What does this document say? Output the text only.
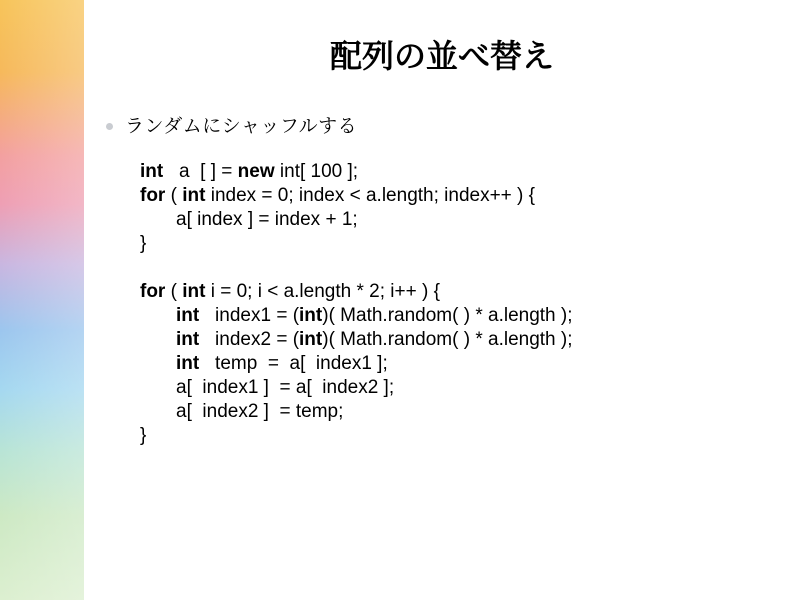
配列の並べ替え
ランダムにシャッフルする
int   a  [ ] = new int[ 100 ];
for ( int index = 0; index < a.length; index++ ) {
a[ index ] = index + 1;
}
for ( int i = 0; i < a.length * 2; i++ ) {
int   index1 = (int)( Math.random( ) * a.length );
int   index2 = (int)( Math.random( ) * a.length );
int   temp  =  a[  index1 ];
a[  index1 ]  = a[  index2 ];
a[  index2 ]  = temp;
}
